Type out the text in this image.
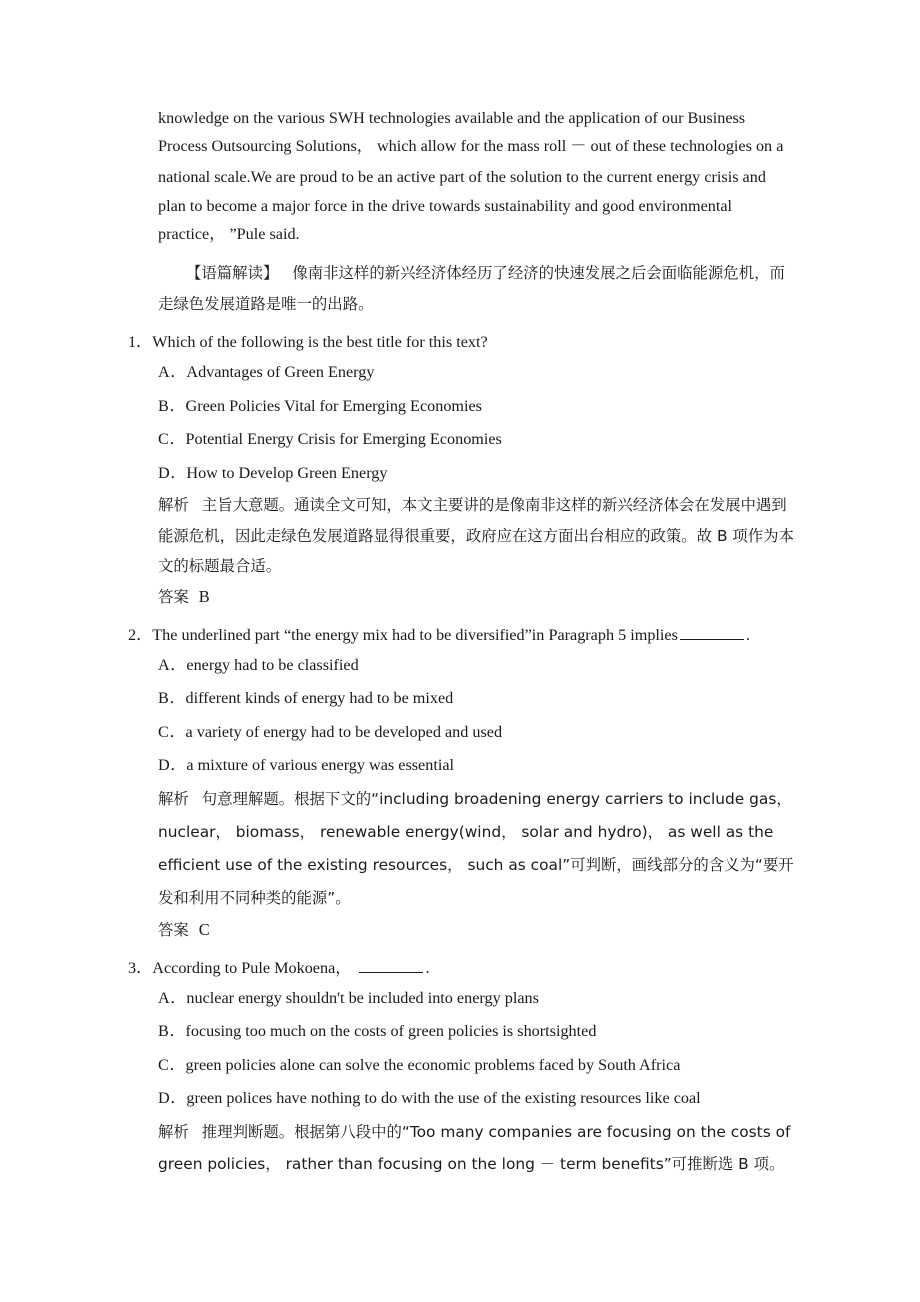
knowledge on the various SWH technologies available and the application of our Business
Process Outsourcing Solutions， which allow for the mass roll － out of these technologies on a
national scale.We are proud to be an active part of the solution to the current energy crisis and
plan to become a major force in the drive towards sustainability and good environmental
practice， ”Pule said.
【语篇解读】 像南非这样的新兴经济体经历了经济的快速发展之后会面临能源危机，而走绿色发展道路是唯一的出路。
1．Which of the following is the best title for this text?
A．Advantages of Green Energy
B．Green Policies Vital for Emerging Economies
C．Potential Energy Crisis for Emerging Economies
D．How to Develop Green Energy
解析 主旨大意题。通读全文可知，本文主要讲的是像南非这样的新兴经济体会在发展中遇到能源危机，因此走绿色发展道路显得很重要，政府应在这方面出台相应的政策。故 B 项作为本文的标题最合适。
答案 B
2．The underlined part “the energy mix had to be diversified”in Paragraph 5 implies	.
A．energy had to be classified
B．different kinds of energy had to be mixed
C．a variety of energy had to be developed and used
D．a mixture of various energy was essential
解析 句意理解题。根据下文的“including broadening energy carriers to include gas， nuclear， biomass， renewable energy(wind， solar and hydro)， as well as the efficient use of the existing resources， such as coal”可判断，画线部分的含义为“要开发和利用不同种类的能源”。
答案 C
3．According to Pule Mokoena，	.
A．nuclear energy shouldn't be included into energy plans
B．focusing too much on the costs of green policies is shortsighted
C．green policies alone can solve the economic problems faced by South Africa
D．green polices have nothing to do with the use of the existing resources like coal
解析 推理判断题。根据第八段中的“Too many companies are focusing on the costs of green policies， rather than focusing on the long － term benefits”可推断选 B 项。
